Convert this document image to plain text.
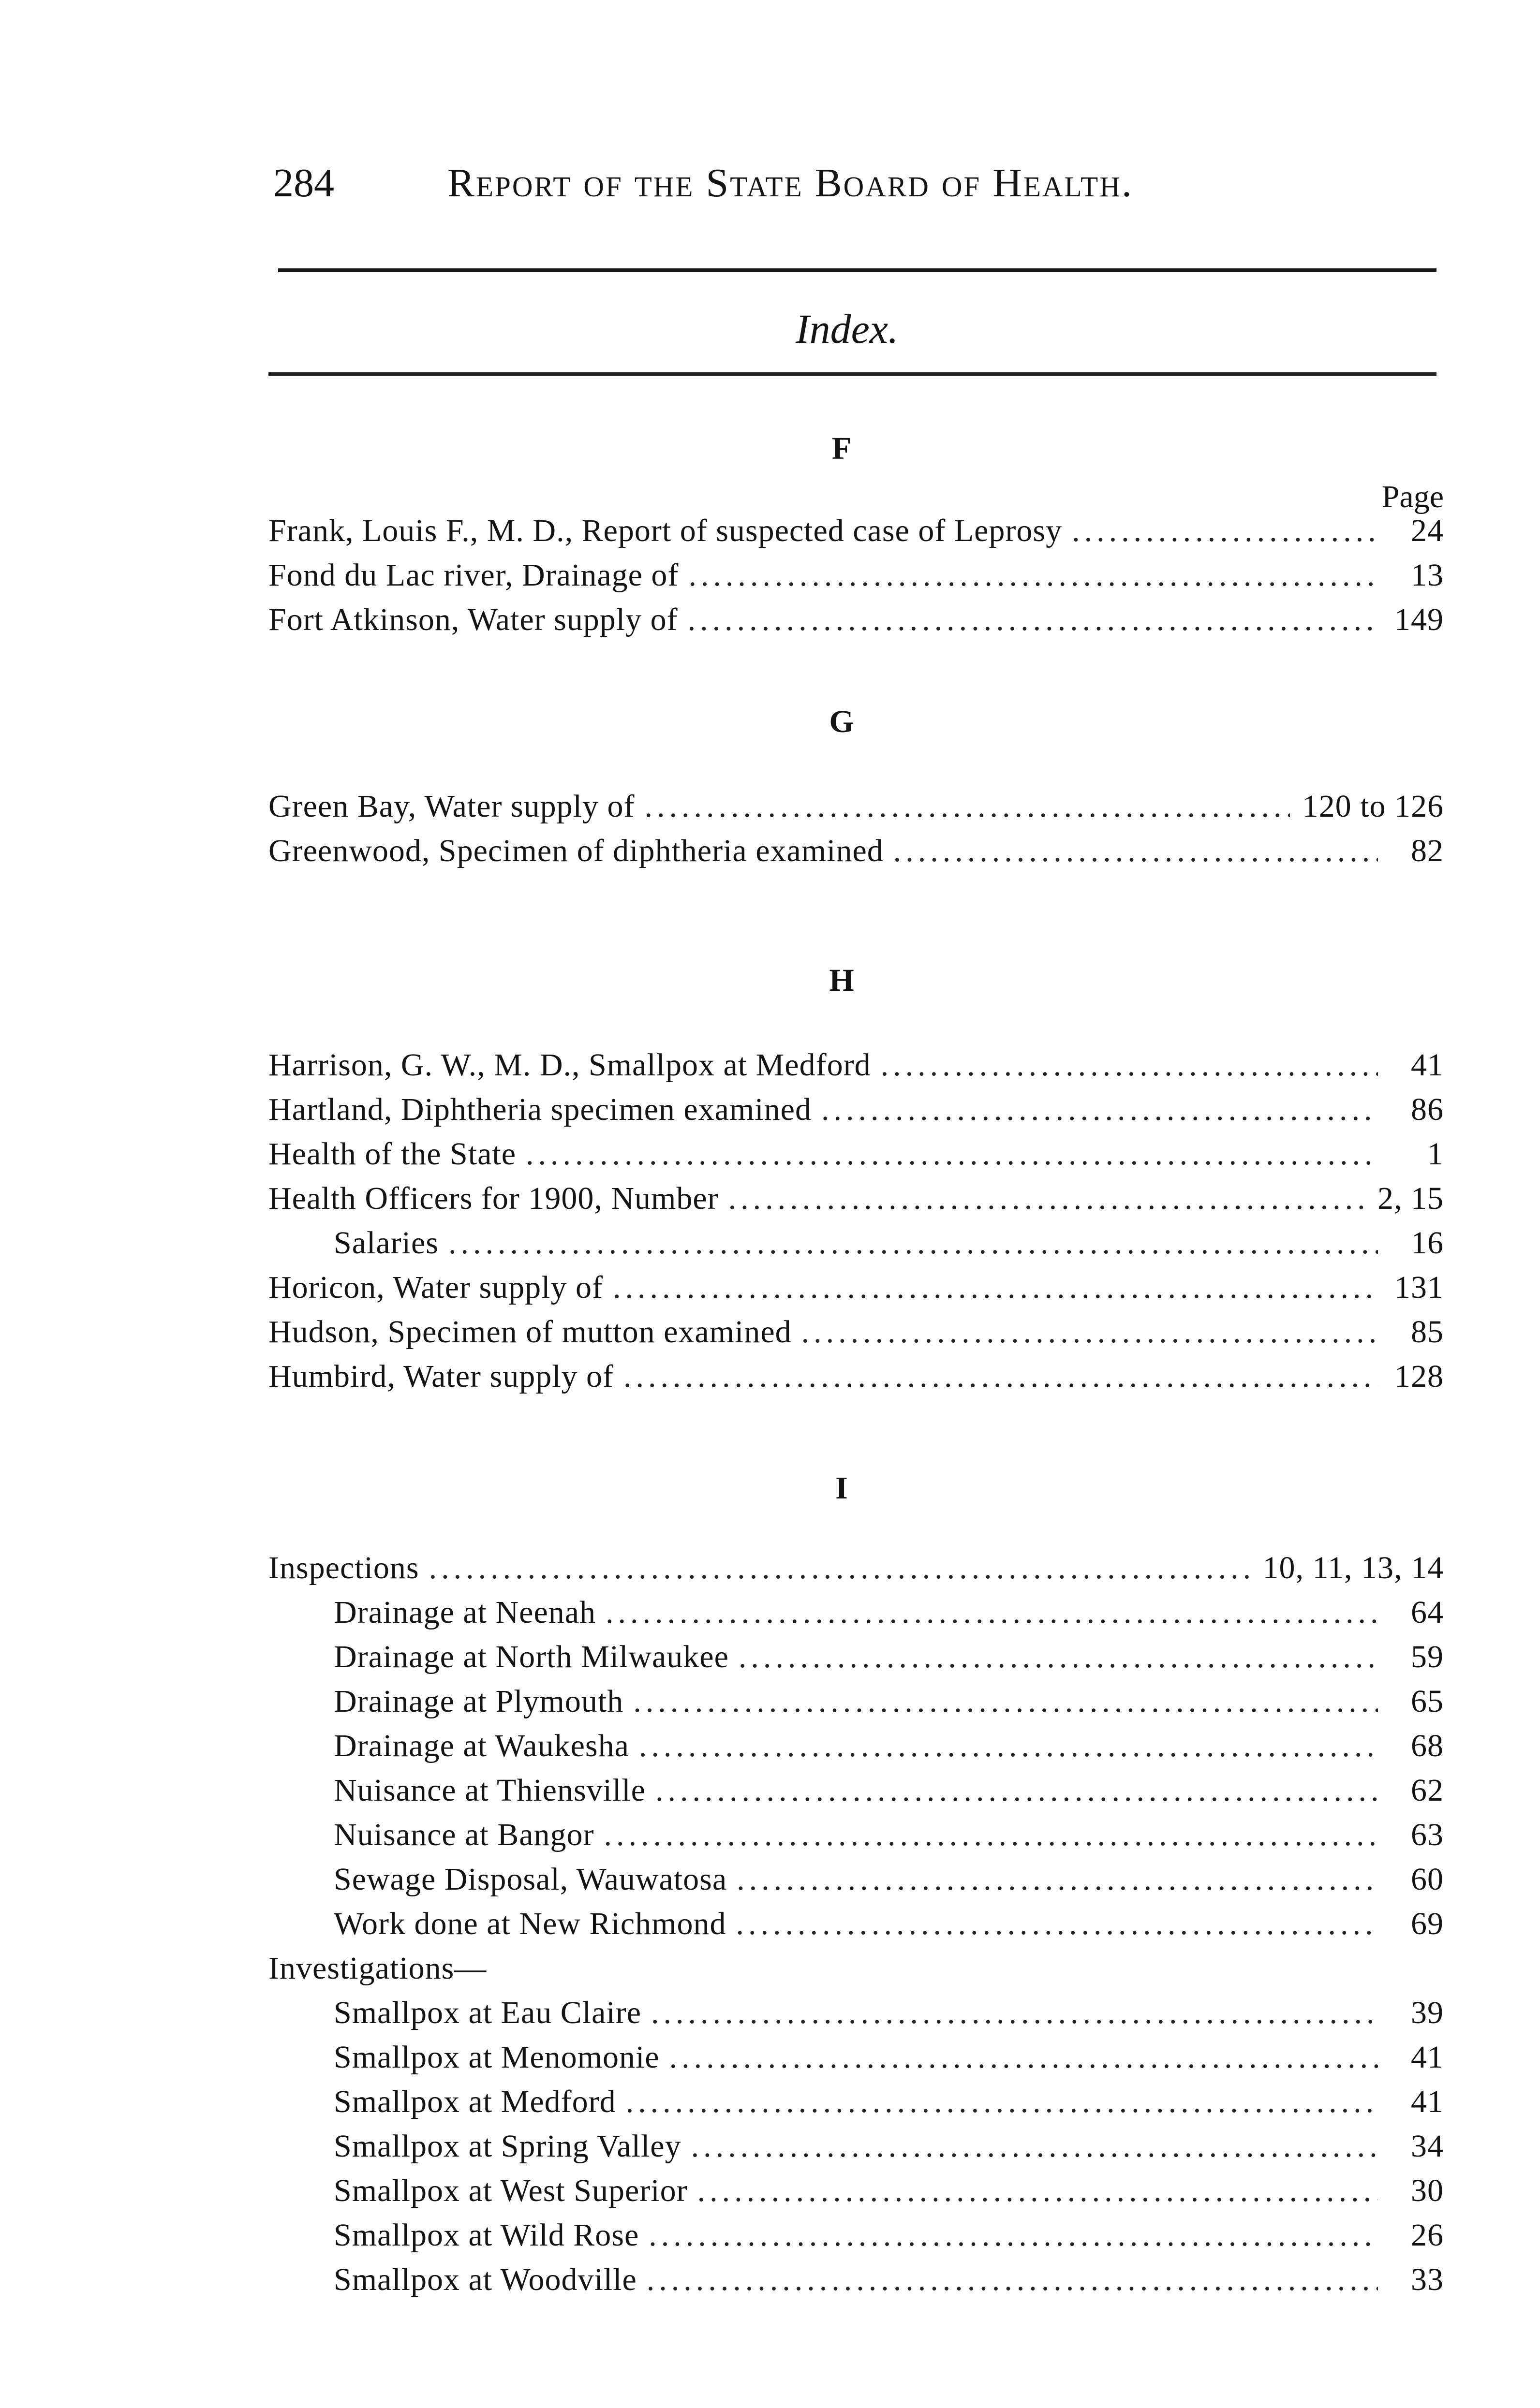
284	Report of the State Board of Health.
Index.
F
Page
Frank, Louis F., M. D., Report of suspected case of Leprosy .....	24
Fond du Lac river, Drainage of .....	13
Fort Atkinson, Water supply of .....	149
G
Green Bay, Water supply of .....	120 to 126
Greenwood, Specimen of diphtheria examined .....	82
H
Harrison, G. W., M. D., Smallpox at Medford .....	41
Hartland, Diphtheria specimen examined .....	86
Health of the State .....	1
Health Officers for 1900, Number .....	2, 15
Salaries .....	16
Horicon, Water supply of .....	131
Hudson, Specimen of mutton examined .....	85
Humbird, Water supply of .....	128
I
Inspections .....	10, 11, 13, 14
Drainage at Neenah .....	64
Drainage at North Milwaukee .....	59
Drainage at Plymouth .....	65
Drainage at Waukesha .....	68
Nuisance at Thiensville .....	62
Nuisance at Bangor .....	63
Sewage Disposal, Wauwatosa .....	60
Work done at New Richmond .....	69
Investigations—
Smallpox at Eau Claire .....	39
Smallpox at Menomonie .....	41
Smallpox at Medford .....	41
Smallpox at Spring Valley .....	34
Smallpox at West Superior .....	30
Smallpox at Wild Rose .....	26
Smallpox at Woodville .....	33
